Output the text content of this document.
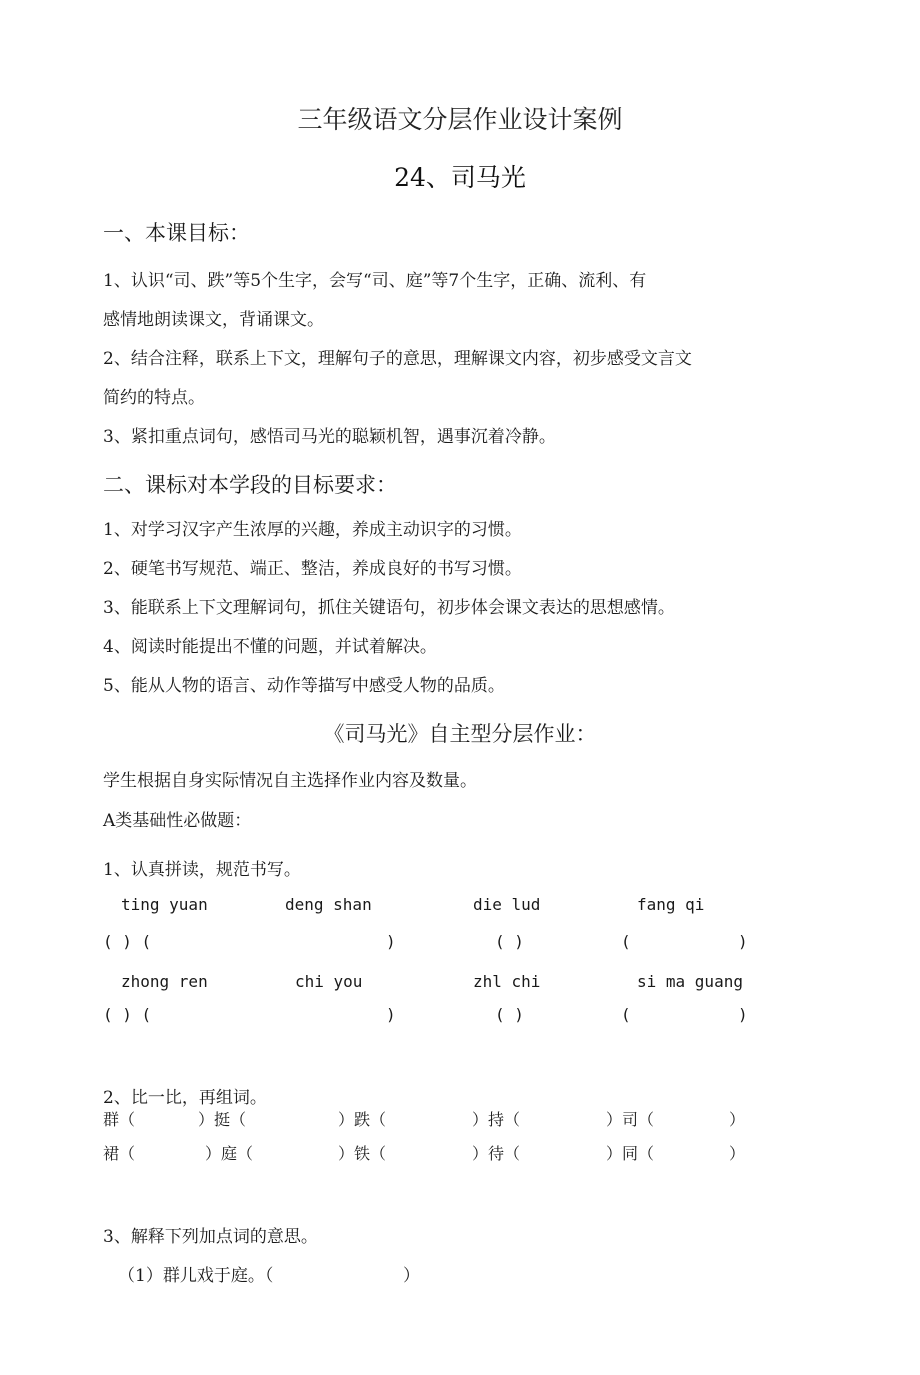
三年级语文分层作业设计案例
24、司马光
一、本课目标：
1、认识“司、跌”等5个生字，会写“司、庭”等7个生字，正确、流利、有
感情地朗读课文，背诵课文。
2、结合注释，联系上下文，理解句子的意思，理解课文内容，初步感受文言文
简约的特点。
3、紧扣重点词句，感悟司马光的聪颖机智，遇事沉着冷静。
二、课标对本学段的目标要求：
1、对学习汉字产生浓厚的兴趣，养成主动识字的习惯。
2、硬笔书写规范、端正、整洁，养成良好的书写习惯。
3、能联系上下文理解词句，抓住关键语句，初步体会课文表达的思想感情。
4、阅读时能提出不懂的问题，并试着解决。
5、能从人物的语言、动作等描写中感受人物的品质。
《司马光》自主型分层作业：
学生根据自身实际情况自主选择作业内容及数量。
A类基础性必做题：
1、认真拼读，规范书写。
ting yuan	deng shan	die lud	fang qi
( ) (	)	( )	(	)
zhong ren	chi you	zhl chi	si ma guang
( ) (	)	( )	(	)
2、比一比，再组词。
群（	）挺（	）跌（	）持（	）司（	）
裙（	）庭（	）铁（	）待（	）同（	）
3、解释下列加点词的意思。
（1）群儿戏于庭。（	）
